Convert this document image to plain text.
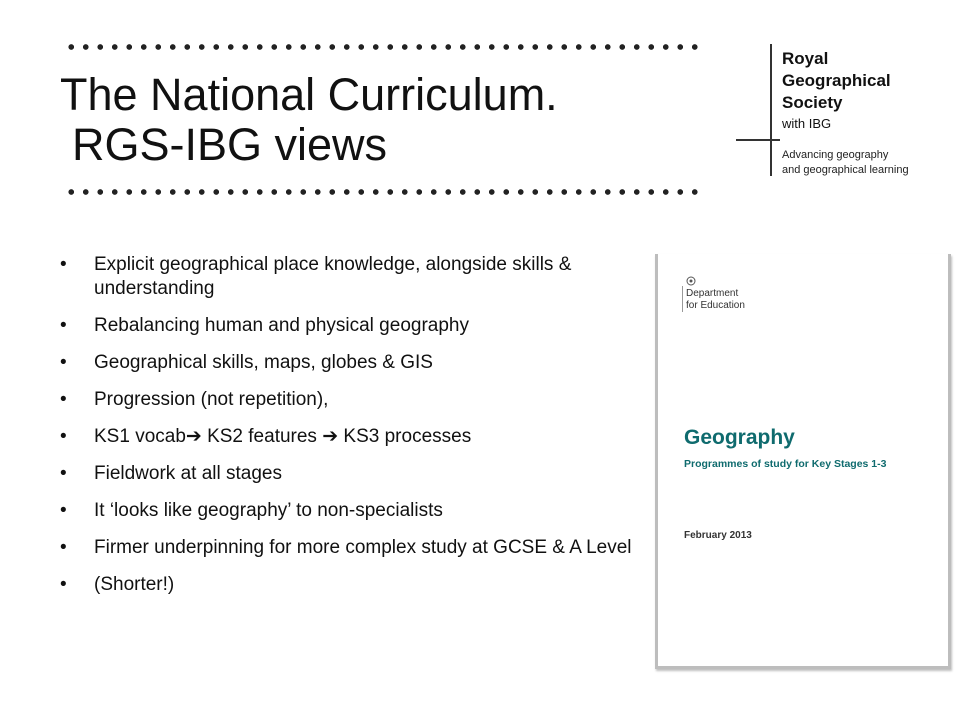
The National Curriculum.
RGS-IBG views
Royal
Geographical
Society
with IBG
Advancing geography
and geographical learning
• Explicit geographical place knowledge, alongside skills & understanding
• Rebalancing human and physical geography
• Geographical skills, maps, globes & GIS
• Progression (not repetition),
• KS1 vocab➔ KS2 features ➔ KS3 processes
• Fieldwork at all stages
• It ‘looks like geography’ to non-specialists
• Firmer underpinning for more complex study at GCSE & A Level
• (Shorter!)
Department
for Education
Geography
Programmes of study for Key Stages 1-3
February 2013
